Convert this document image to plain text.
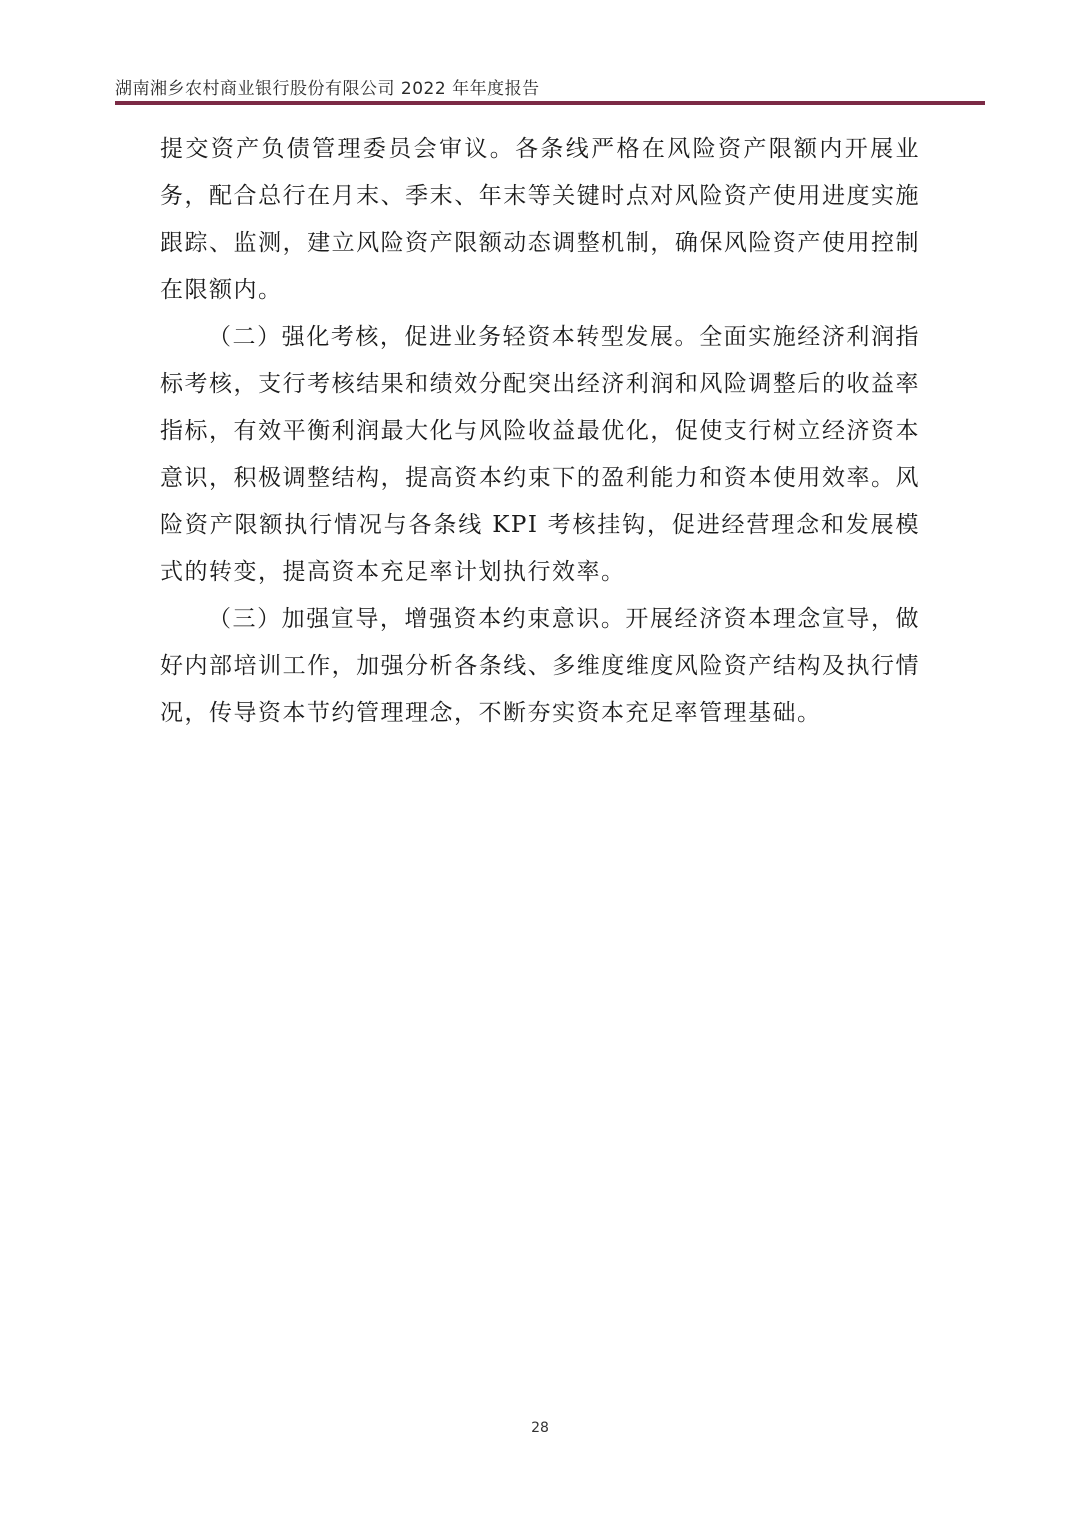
湖南湘乡农村商业银行股份有限公司 2022 年年度报告

提交资产负债管理委员会审议。各条线严格在风险资产限额内开展业务，配合总行在月末、季末、年末等关键时点对风险资产使用进度实施跟踪、监测，建立风险资产限额动态调整机制，确保风险资产使用控制在限额内。

（二）强化考核，促进业务轻资本转型发展。全面实施经济利润指标考核，支行考核结果和绩效分配突出经济利润和风险调整后的收益率指标，有效平衡利润最大化与风险收益最优化，促使支行树立经济资本意识，积极调整结构，提高资本约束下的盈利能力和资本使用效率。风险资产限额执行情况与各条线 KPI 考核挂钩，促进经营理念和发展模式的转变，提高资本充足率计划执行效率。

（三）加强宣导，增强资本约束意识。开展经济资本理念宣导，做好内部培训工作，加强分析各条线、多维度维度风险资产结构及执行情况，传导资本节约管理理念，不断夯实资本充足率管理基础。

28
